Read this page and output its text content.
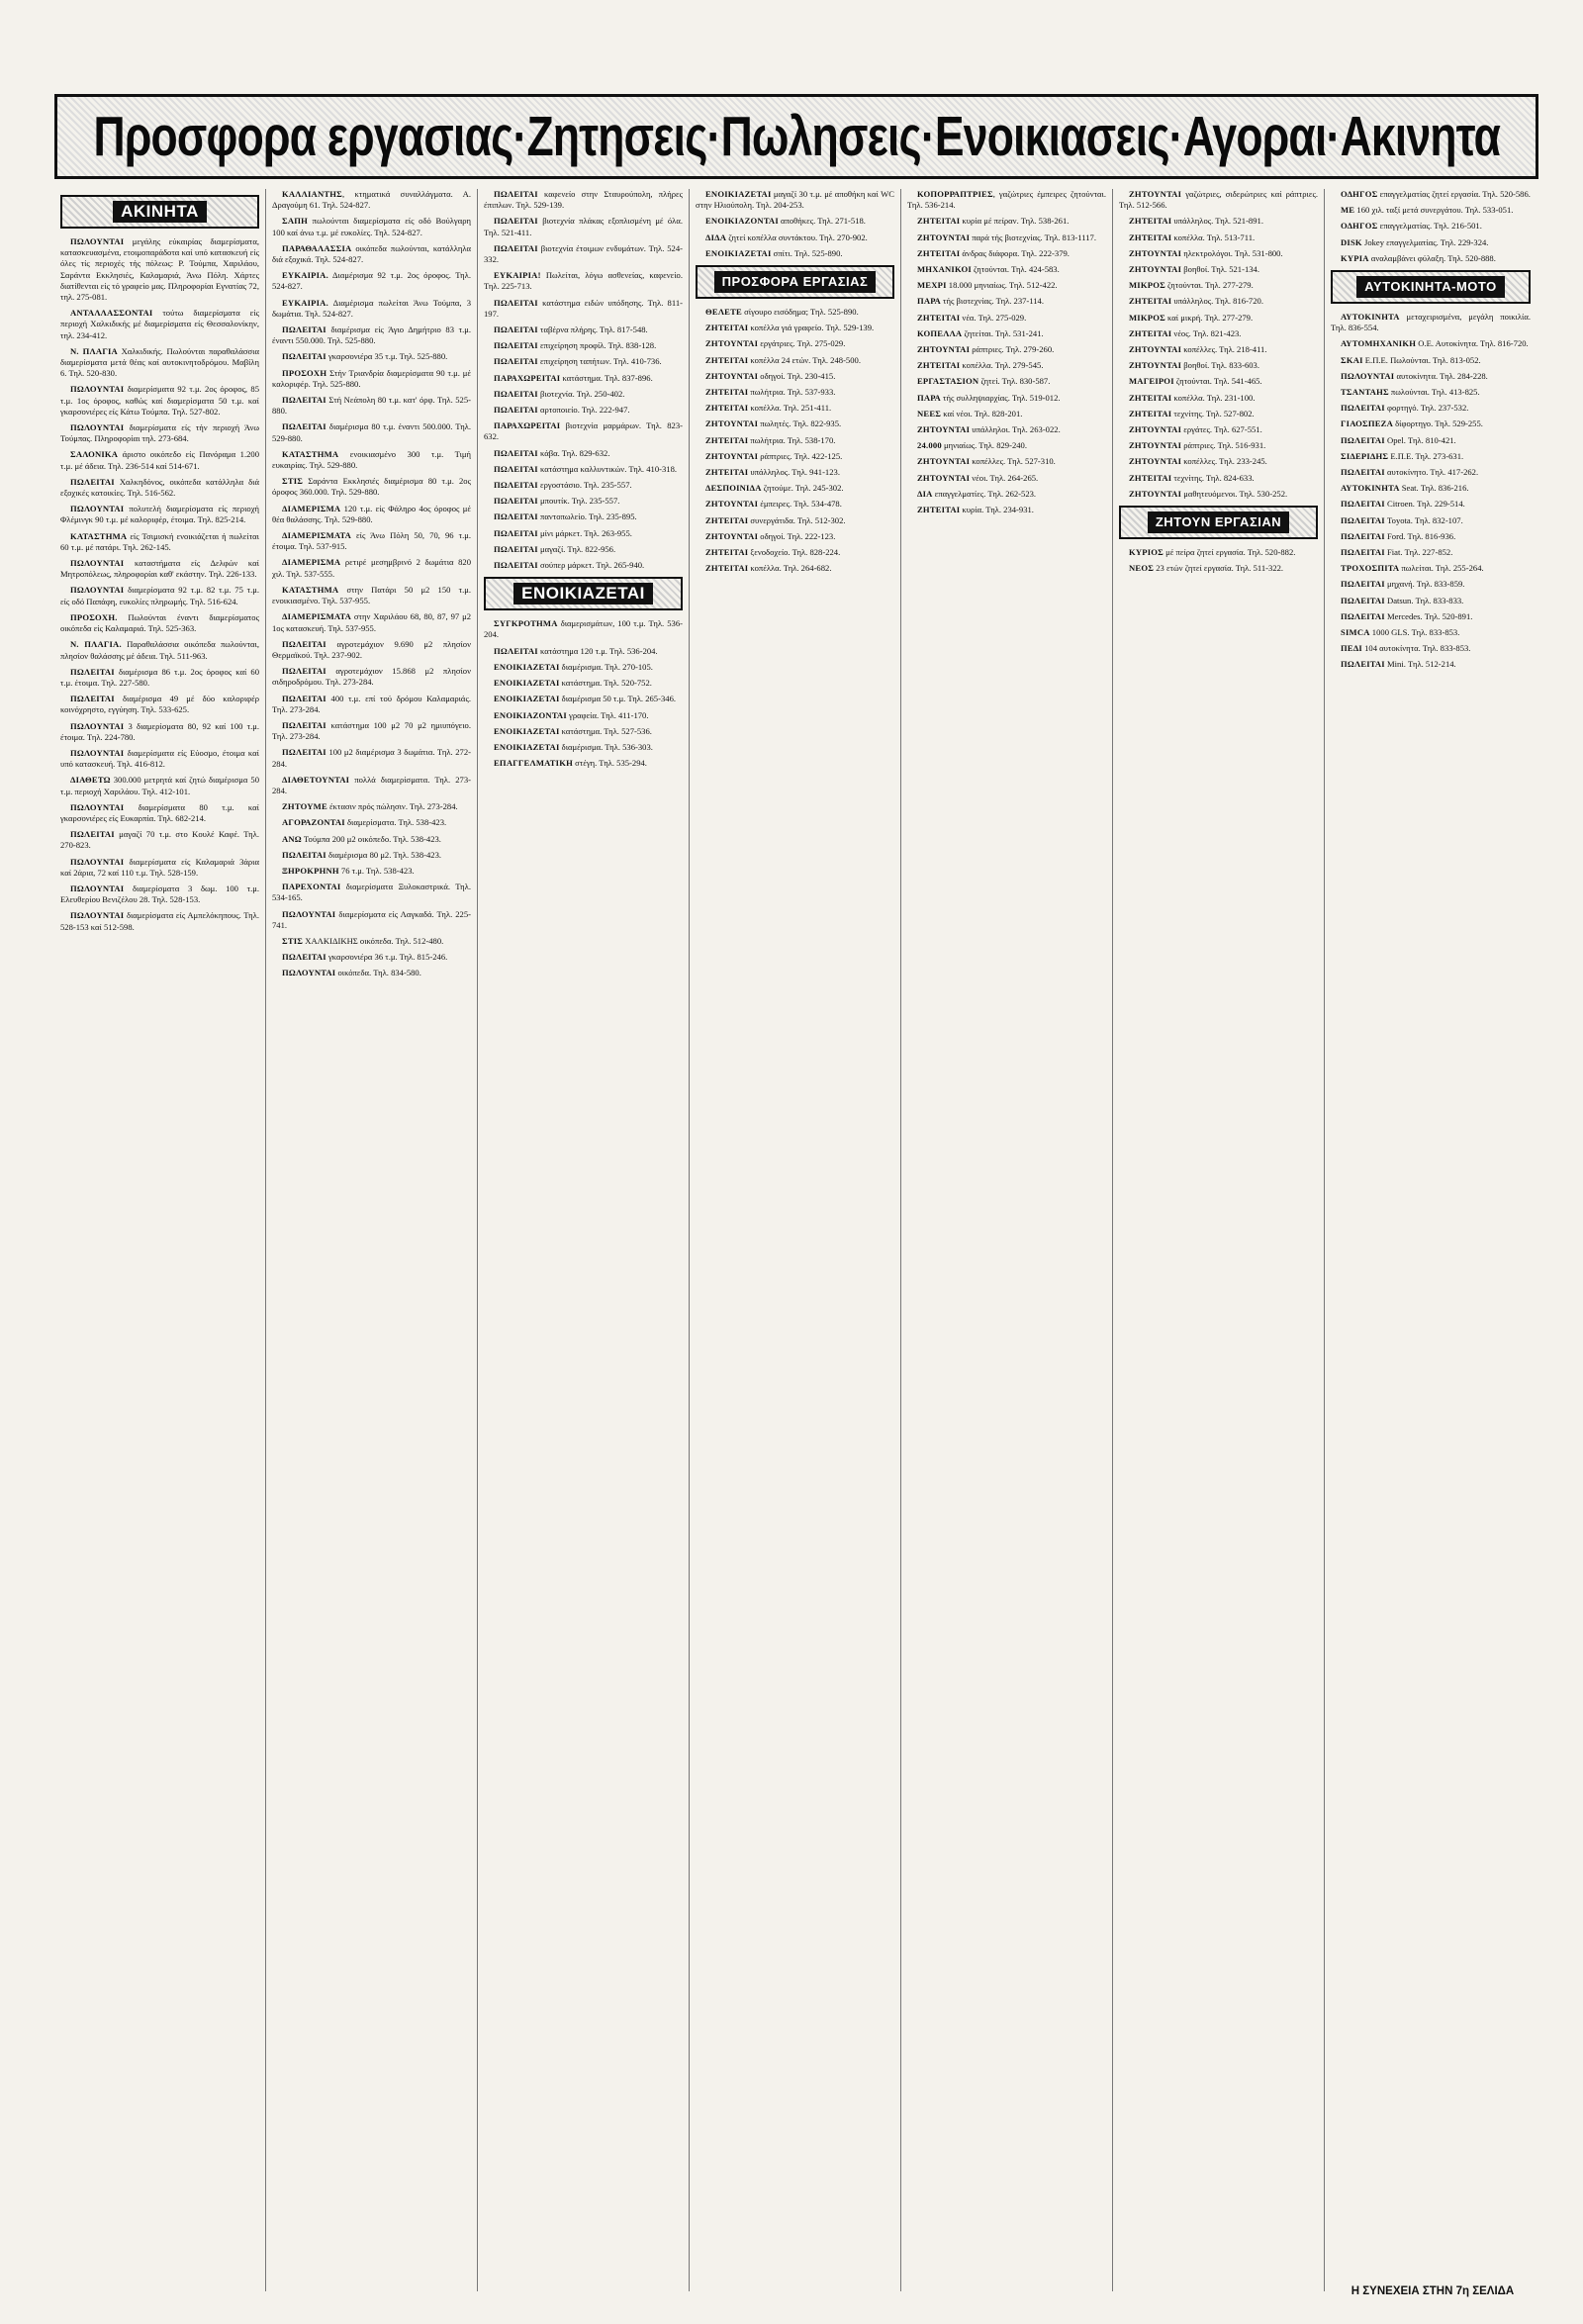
Προσφορα εργασιας·Ζητησεις·Πωλησεις·Ενοικιασεις·Αγοραι·Ακινητα
ΑΚΙΝΗΤΑ

ΠΩΛΟΥΝΤΑΙ μεγάλης εύκαιρίας διαμερίσματα, κατασκευασμένα, ετοιμοπαράδοτα καί υπό κατασκευή είς όλες τίς περιοχές τής πόλεως: Ρ. Τούμπα, Χαριλάου, Σαράντα Εκκλησιές, Καλαμαριά, Άνω Πόλη. Χάρτες διατίθενται είς τό γραφείο μας. Πληροφορίαι Εγνατίας 72, τηλ. 275-081.

ΑΝΤΑΛΛΑΣΣΟΝΤΑΙ τούτω διαμερίσματα είς περιοχή Χαλκιδικής μέ διαμερίσματα είς Θεσσαλονίκην, τηλ. 234-412.

Ν. ΠΛΑΓΙΑ Χαλκιδικής. Πωλούνται παραθαλάσσια διαμερίσματα μετά θέας καί αυτοκινητοδρόμου. Μαβίλη 6. Τηλ. 520-830.

ΠΩΛΟΥΝΤΑΙ διαμερίσματα 92 τ.μ. 2ος όροφος, 85 τ.μ. 1ος όροφος, καθώς καί διαμερίσματα 50 τ.μ. καί γκαρσονιέρες είς Κάτω Τούμπα. Τηλ. 527-802.

ΠΩΛΟΥΝΤΑΙ διαμερίσματα είς τήν περιοχή Άνω Τούμπας. Πληροφορίαι τηλ. 273-684.

ΣΑΛΟΝΙΚΑ άριστο οικόπεδο είς Πανόραμα 1.200 τ.μ. μέ άδεια. Τηλ. 236-514 καί 514-671.

ΠΩΛΕΙΤΑΙ Χαλκηδόνος, οικόπεδα κατάλληλα διά εξοχικές κατοικίες. Τηλ. 516-562.

ΠΩΛΟΥΝΤΑΙ πολυτελή διαμερίσματα είς περιοχή Φλέμινγκ 90 τ.μ. μέ καλοριφέρ, έτοιμα. Τηλ. 825-214.

ΚΑΤΑΣΤΗΜΑ είς Τσιμισκή ενοικιάζεται ή πωλείται 60 τ.μ. μέ πατάρι. Τηλ. 262-145.

ΠΩΛΟΥΝΤΑΙ καταστήματα είς Δελφών καί Μητροπόλεως, πληροφορίαι καθ' εκάστην. Τηλ. 226-133.

ΠΩΛΟΥΝΤΑΙ διαμερίσματα 92 τ.μ. 82 τ.μ. 75 τ.μ. είς οδό Παπάφη, ευκολίες πληρωμής. Τηλ. 516-624.

ΠΡΟΣΟΧΗ. Πωλούνται έναντι διαμερίσματος οικόπεδα είς Καλαμαριά. Τηλ. 525-363.

Ν. ΠΛΑΓΙΑ. Παραθαλάσσια οικόπεδα πωλούνται, πλησίον θαλάσσης μέ άδεια. Τηλ. 511-963.

ΠΩΛΕΙΤΑΙ διαμέρισμα 86 τ.μ. 2ος όροφος καί 60 τ.μ. έτοιμα. Τηλ. 227-580.

ΠΩΛΕΙΤΑΙ διαμέρισμα 49 μέ δύο καλοριφέρ κοινόχρηστο, εγγύηση. Τηλ. 533-625.

ΠΩΛΟΥΝΤΑΙ 3 διαμερίσματα 80, 92 καί 100 τ.μ. έτοιμα. Τηλ. 224-780.

ΠΩΛΟΥΝΤΑΙ διαμερίσματα είς Εύοσμο, έτοιμα καί υπό κατασκευή. Τηλ. 416-812.

ΔΙΑΘΕΤΩ 300.000 μετρητά καί ζητώ διαμέρισμα 50 τ.μ. περιοχή Χαριλάου. Τηλ. 412-101.

ΠΩΛΟΥΝΤΑΙ διαμερίσματα 80 τ.μ. καί γκαρσονιέρες είς Ευκαρπία. Τηλ. 682-214.

ΠΩΛΕΙΤΑΙ μαγαζί 70 τ.μ. στο Κουλέ Καφέ. Τηλ. 270-823.

ΠΩΛΟΥΝΤΑΙ διαμερίσματα είς Καλαμαριά 3άρια καί 2άρια, 72 καί 110 τ.μ. Τηλ. 528-159.

ΠΩΛΟΥΝΤΑΙ διαμερίσματα 3 δωμ. 100 τ.μ. Ελευθερίου Βενιζέλου 28. Τηλ. 528-153.

ΠΩΛΟΥΝΤΑΙ διαμερίσματα είς Αμπελόκηπους. Τηλ. 528-153 καί 512-598.

ΚΑΛΛΙΑΝΤΗΣ, κτηματικά συναλλάγματα. Α. Δραγούμη 61. Τηλ. 524-827.

ΣΑΠΗ πωλούνται διαμερίσματα είς οδό Βούλγαρη 100 καί άνω τ.μ. μέ ευκολίες. Τηλ. 524-827.

ΠΑΡΑΘΑΛΑΣΣΙΑ οικόπεδα πωλούνται, κατάλληλα διά εξοχικά. Τηλ. 524-827.

ΕΥΚΑΙΡΙΑ. Διαμέρισμα 92 τ.μ. 2ος όροφος. Τηλ. 524-827.

ΕΥΚΑΙΡΙΑ. Διαμέρισμα πωλείται Άνω Τούμπα, 3 δωμάτια. Τηλ. 524-827.

ΠΩΛΕΙΤΑΙ διαμέρισμα είς Άγιο Δημήτριο 83 τ.μ. έναντι 550.000. Τηλ. 525-880.

ΠΩΛΕΙΤΑΙ γκαρσονιέρα 35 τ.μ. Τηλ. 525-880.

ΠΡΟΣΟΧΗ Στήν Τριανδρία διαμερίσματα 90 τ.μ. μέ καλοριφέρ. Τηλ. 525-880.

ΠΩΛΕΙΤΑΙ Στή Νεάπολη 80 τ.μ. κατ' όρφ. Τηλ. 525-880.

ΠΩΛΕΙΤΑΙ διαμέρισμα 80 τ.μ. έναντι 500.000. Τηλ. 529-880.

ΚΑΤΑΣΤΗΜΑ ενοικιασμένο 300 τ.μ. Τιμή ευκαιρίας. Τηλ. 529-880.

ΣΤΙΣ Σαράντα Εκκλησιές διαμέρισμα 80 τ.μ. 2ος όροφος 360.000. Τηλ. 529-880.

ΔΙΑΜΕΡΙΣΜΑ 120 τ.μ. είς Φάληρο 4ος όροφος μέ θέα θαλάσσης. Τηλ. 529-880.

ΔΙΑΜΕΡΙΣΜΑΤΑ είς Άνω Πόλη 50, 70, 96 τ.μ. έτοιμα. Τηλ. 537-915.

ΔΙΑΜΕΡΙΣΜΑ ρετιρέ μεσημβρινό 2 δωμάτια 820 χιλ. Τηλ. 537-555.

ΚΑΤΑΣΤΗΜΑ στην Πατάρι 50 μ2 150 τ.μ. ενοικιασμένο. Τηλ. 537-955.

ΔΙΑΜΕΡΙΣΜΑΤΑ στην Χαριλάου 68, 80, 87, 97 μ2 1ος κατασκευή. Τηλ. 537-955.

ΠΩΛΕΙΤΑΙ αγροτεμάχιον 9.690 μ2 πλησίον Θερμαϊκού. Τηλ. 237-902.

ΠΩΛΕΙΤΑΙ αγροτεμάχιον 15.868 μ2 πλησίον σιδηροδρόμου. Τηλ. 273-284.

ΠΩΛΕΙΤΑΙ 400 τ.μ. επί τού δρόμου Καλαμαριάς. Τηλ. 273-284.

ΠΩΛΕΙΤΑΙ κατάστημα 100 μ2 70 μ2 ημιυπόγειο. Τηλ. 273-284.

ΠΩΛΕΙΤΑΙ 100 μ2 διαμέρισμα 3 δωμάτια. Τηλ. 272-284.

ΔΙΑΘΕΤΟΥΝΤΑΙ πολλά διαμερίσματα. Τηλ. 273-284.

ΖΗΤΟΥΜΕ έκτασιν πρός πώλησιν. Τηλ. 273-284.

ΑΓΟΡΑΖΟΝΤΑΙ διαμερίσματα. Τηλ. 538-423.

ΑΝΩ Τούμπα 200 μ2 οικόπεδο. Τηλ. 538-423.

ΠΩΛΕΙΤΑΙ διαμέρισμα 80 μ2. Τηλ. 538-423.

ΞΗΡΟΚΡΗΝΗ 76 τ.μ. Τηλ. 538-423.

ΠΑΡΕΧΟΝΤΑΙ διαμερίσματα Ξυλοκαστρικά. Τηλ. 534-165.

ΠΩΛΟΥΝΤΑΙ διαμερίσματα είς Λαγκαδά. Τηλ. 225-741.

ΣΤΙΣ ΧΑΛΚΙΔΙΚΗΣ οικόπεδα. Τηλ. 512-480.

ΠΩΛΕΙΤΑΙ γκαρσονιέρα 36 τ.μ. Τηλ. 815-246.

ΠΩΛΟΥΝΤΑΙ οικόπεδα. Τηλ. 834-580.

ΠΩΛΕΙΤΑΙ καφενείο στην Σταυρούπολη, πλήρες έπιπλων. Τηλ. 529-139.

ΠΩΛΕΙΤΑΙ βιοτεχνία πλάκας εξοπλισμένη μέ όλα. Τηλ. 521-411.

ΠΩΛΕΙΤΑΙ βιοτεχνία έτοιμων ενδυμάτων. Τηλ. 524-332.

ΕΥΚΑΙΡΙΑ! Πωλείται, λόγω ασθενείας, καφενείο. Τηλ. 225-713.

ΠΩΛΕΙΤΑΙ κατάστημα ειδών υπόδησης. Τηλ. 811-197.

ΠΩΛΕΙΤΑΙ ταβέρνα πλήρης. Τηλ. 817-548.

ΠΩΛΕΙΤΑΙ επιχείρηση προφίλ. Τηλ. 838-128.

ΠΩΛΕΙΤΑΙ επιχείρηση ταπήτων. Τηλ. 410-736.

ΠΑΡΑΧΩΡΕΙΤΑΙ κατάστημα. Τηλ. 837-896.

ΠΩΛΕΙΤΑΙ βιοτεχνία. Τηλ. 250-402.

ΠΩΛΕΙΤΑΙ αρτοποιείο. Τηλ. 222-947.

ΠΑΡΑΧΩΡΕΙΤΑΙ βιοτεχνία μαρμάρων. Τηλ. 823-632.

ΠΩΛΕΙΤΑΙ κάβα. Τηλ. 829-632.

ΠΩΛΕΙΤΑΙ κατάστημα καλλυντικών. Τηλ. 410-318.

ΠΩΛΕΙΤΑΙ εργοστάσιο. Τηλ. 235-557.

ΠΩΛΕΙΤΑΙ μπουτίκ. Τηλ. 235-557.

ΠΩΛΕΙΤΑΙ παντοπωλείο. Τηλ. 235-895.

ΠΩΛΕΙΤΑΙ μίνι μάρκετ. Τηλ. 263-955.

ΠΩΛΕΙΤΑΙ μαγαζί. Τηλ. 822-956.

ΠΩΛΕΙΤΑΙ σούπερ μάρκετ. Τηλ. 265-940.

ΕΝΟΙΚΙΑΖΕΤΑΙ

ΣΥΓΚΡΟΤΗΜΑ διαμερισμάτων, 100 τ.μ. Τηλ. 536-204.

ΠΩΛΕΙΤΑΙ κατάστημα 120 τ.μ. Τηλ. 536-204.

ΕΝΟΙΚΙΑΖΕΤΑΙ διαμέρισμα. Τηλ. 270-105.

ΕΝΟΙΚΙΑΖΕΤΑΙ κατάστημα. Τηλ. 520-752.

ΕΝΟΙΚΙΑΖΕΤΑΙ διαμέρισμα 50 τ.μ. Τηλ. 265-346.

ΕΝΟΙΚΙΑΖΟΝΤΑΙ γραφεία. Τηλ. 411-170.

ΕΝΟΙΚΙΑΖΕΤΑΙ κατάστημα. Τηλ. 527-536.

ΕΝΟΙΚΙΑΖΕΤΑΙ διαμέρισμα. Τηλ. 536-303.

ΕΠΑΓΓΕΛΜΑΤΙΚΗ στέγη. Τηλ. 535-294.

ΕΝΟΙΚΙΑΖΕΤΑΙ μαγαζί 30 τ.μ. μέ αποθήκη καί WC στην Ηλιούπολη. Τηλ. 204-253.

ΕΝΟΙΚΙΑΖΟΝΤΑΙ αποθήκες. Τηλ. 271-518.

ΔΙΔΑ ζητεί κοπέλλα συντάκτου. Τηλ. 270-902.

ΕΝΟΙΚΙΑΖΕΤΑΙ σπίτι. Τηλ. 525-890.

ΠΡΟΣΦΟΡΑ ΕΡΓΑΣΙΑΣ

ΘΕΛΕΤΕ σίγουρο εισόδημα; Τηλ. 525-890.

ΖΗΤΕΙΤΑΙ κοπέλλα γιά γραφείο. Τηλ. 529-139.

ΖΗΤΟΥΝΤΑΙ εργάτριες. Τηλ. 275-029.

ΖΗΤΕΙΤΑΙ κοπέλλα 24 ετών. Τηλ. 248-500.

ΖΗΤΟΥΝΤΑΙ οδηγοί. Τηλ. 230-415.

ΖΗΤΕΙΤΑΙ πωλήτρια. Τηλ. 537-933.

ΖΗΤΕΙΤΑΙ κοπέλλα. Τηλ. 251-411.

ΖΗΤΟΥΝΤΑΙ πωλητές. Τηλ. 822-935.

ΖΗΤΕΙΤΑΙ πωλήτρια. Τηλ. 538-170.

ΖΗΤΟΥΝΤΑΙ ράπτριες. Τηλ. 422-125.

ΖΗΤΕΙΤΑΙ υπάλληλος. Τηλ. 941-123.

ΔΕΣΠΟΙΝΙΔΑ ζητούμε. Τηλ. 245-302.

ΖΗΤΟΥΝΤΑΙ έμπειρες. Τηλ. 534-478.

ΖΗΤΕΙΤΑΙ συνεργάτιδα. Τηλ. 512-302.

ΖΗΤΟΥΝΤΑΙ οδηγοί. Τηλ. 222-123.

ΖΗΤΕΙΤΑΙ ξενοδοχείο. Τηλ. 828-224.

ΖΗΤΕΙΤΑΙ κοπέλλα. Τηλ. 264-682.

ΚΟΠΟΡΡΑΠΤΡΙΕΣ, γαζώτριες έμπειρες ζητούνται. Τηλ. 536-214.

ΖΗΤΕΙΤΑΙ κυρία μέ πείραν. Τηλ. 538-261.

ΖΗΤΟΥΝΤΑΙ παρά τής βιοτεχνίας. Τηλ. 813-1117.

ΖΗΤΕΙΤΑΙ άνδρας διάφορα. Τηλ. 222-379.

ΜΗΧΑΝΙΚΟΙ ζητούνται. Τηλ. 424-583.

ΜΕΧΡΙ 18.000 μηνιαίως. Τηλ. 512-422.

ΠΑΡΑ τής βιοτεχνίας. Τηλ. 237-114.

ΖΗΤΕΙΤΑΙ νέα. Τηλ. 275-029.

ΚΟΠΕΛΛΑ ζητείται. Τηλ. 531-241.

ΖΗΤΟΥΝΤΑΙ ράπτριες. Τηλ. 279-260.

ΖΗΤΕΙΤΑΙ κοπέλλα. Τηλ. 279-545.

ΕΡΓΑΣΤΑΣΙΟΝ ζητεί. Τηλ. 830-587.

ΠΑΡΑ τής συλληψιαρχίας. Τηλ. 519-012.

ΝΕΕΣ καί νέοι. Τηλ. 828-201.

ΖΗΤΟΥΝΤΑΙ υπάλληλοι. Τηλ. 263-022.

24.000 μηνιαίως. Τηλ. 829-240.

ΖΗΤΟΥΝΤΑΙ κοπέλλες. Τηλ. 527-310.

ΖΗΤΟΥΝΤΑΙ νέοι. Τηλ. 264-265.

ΔΙΑ επαγγελματίες. Τηλ. 262-523.

ΖΗΤΕΙΤΑΙ κυρία. Τηλ. 234-931.

ΖΗΤΟΥΝΤΑΙ γαζώτριες, σιδερώτριες καί ράπτριες. Τηλ. 512-566.

ΖΗΤΕΙΤΑΙ υπάλληλος. Τηλ. 521-891.

ΖΗΤΕΙΤΑΙ κοπέλλα. Τηλ. 513-711.

ΖΗΤΟΥΝΤΑΙ ηλεκτρολόγοι. Τηλ. 531-800.

ΖΗΤΟΥΝΤΑΙ βοηθοί. Τηλ. 521-134.

ΜΙΚΡΟΣ ζητούνται. Τηλ. 277-279.

ΖΗΤΕΙΤΑΙ υπάλληλος. Τηλ. 816-720.

ΜΙΚΡΟΣ καί μικρή. Τηλ. 277-279.

ΖΗΤΕΙΤΑΙ νέος. Τηλ. 821-423.

ΖΗΤΟΥΝΤΑΙ κοπέλλες. Τηλ. 218-411.

ΖΗΤΟΥΝΤΑΙ βοηθοί. Τηλ. 833-603.

ΜΑΓΕΙΡΟΙ ζητούνται. Τηλ. 541-465.

ΖΗΤΕΙΤΑΙ κοπέλλα. Τηλ. 231-100.

ΖΗΤΕΙΤΑΙ τεχνίτης. Τηλ. 527-802.

ΖΗΤΟΥΝΤΑΙ εργάτες. Τηλ. 627-551.

ΖΗΤΟΥΝΤΑΙ ράπτριες. Τηλ. 516-931.

ΖΗΤΟΥΝΤΑΙ κοπέλλες. Τηλ. 233-245.

ΖΗΤΕΙΤΑΙ τεχνίτης. Τηλ. 824-633.

ΖΗΤΟΥΝΤΑΙ μαθητευόμενοι. Τηλ. 530-252.

ΖΗΤΟΥΝ ΕΡΓΑΣΙΑΝ

ΚΥΡΙΟΣ μέ πείρα ζητεί εργασία. Τηλ. 520-882.

ΝΕΟΣ 23 ετών ζητεί εργασία. Τηλ. 511-322.

ΟΔΗΓΟΣ επαγγελματίας ζητεί εργασία. Τηλ. 520-586.

ΜΕ 160 χιλ. ταξί μετά συνεργάτου. Τηλ. 533-051.

ΟΔΗΓΟΣ επαγγελματίας. Τηλ. 216-501.

DISK Jokey επαγγελματίας. Τηλ. 229-324.

ΚΥΡΙΑ αναλαμβάνει φύλαξη. Τηλ. 520-888.

ΑΥΤΟΚΙΝΗΤΑ-ΜΟΤΟ

ΑΥΤΟΚΙΝΗΤΑ μεταχειρισμένα, μεγάλη ποικιλία. Τηλ. 836-554.

ΑΥΤΟΜΗΧΑΝΙΚΗ Ο.Ε. Αυτοκίνητα. Τηλ. 816-720.

ΣΚΑΙ Ε.Π.Ε. Πωλούνται. Τηλ. 813-052.

ΠΩΛΟΥΝΤΑΙ αυτοκίνητα. Τηλ. 284-228.

ΤΣΑΝΤΑΗΣ πωλούνται. Τηλ. 413-825.

ΠΩΛΕΙΤΑΙ φορτηγό. Τηλ. 237-532.

ΓΙΑΟΣΠΕΖΑ δίφορτηγο. Τηλ. 529-255.

ΠΩΛΕΙΤΑΙ Opel. Τηλ. 810-421.

ΣΙΔΕΡΙΔΗΣ Ε.Π.Ε. Τηλ. 273-631.

ΠΩΛΕΙΤΑΙ αυτοκίνητο. Τηλ. 417-262.

ΑΥΤΟΚΙΝΗΤΑ Seat. Τηλ. 836-216.

ΠΩΛΕΙΤΑΙ Citroen. Τηλ. 229-514.

ΠΩΛΕΙΤΑΙ Toyota. Τηλ. 832-107.

ΠΩΛΕΙΤΑΙ Ford. Τηλ. 816-936.

ΠΩΛΕΙΤΑΙ Fiat. Τηλ. 227-852.

ΤΡΟΧΟΣΠΙΤΑ πωλείται. Τηλ. 255-264.

ΠΩΛΕΙΤΑΙ μηχανή. Τηλ. 833-859.

ΠΩΛΕΙΤΑΙ Datsun. Τηλ. 833-833.

ΠΩΛΕΙΤΑΙ Mercedes. Τηλ. 520-891.

SIMCA 1000 GLS. Τηλ. 833-853.

ΠΕΔΙ 104 αυτοκίνητα. Τηλ. 833-853.

ΠΩΛΕΙΤΑΙ Mini. Τηλ. 512-214.

Η ΣΥΝΕΧΕΙΑ ΣΤΗΝ 7η ΣΕΛΙΔΑ
